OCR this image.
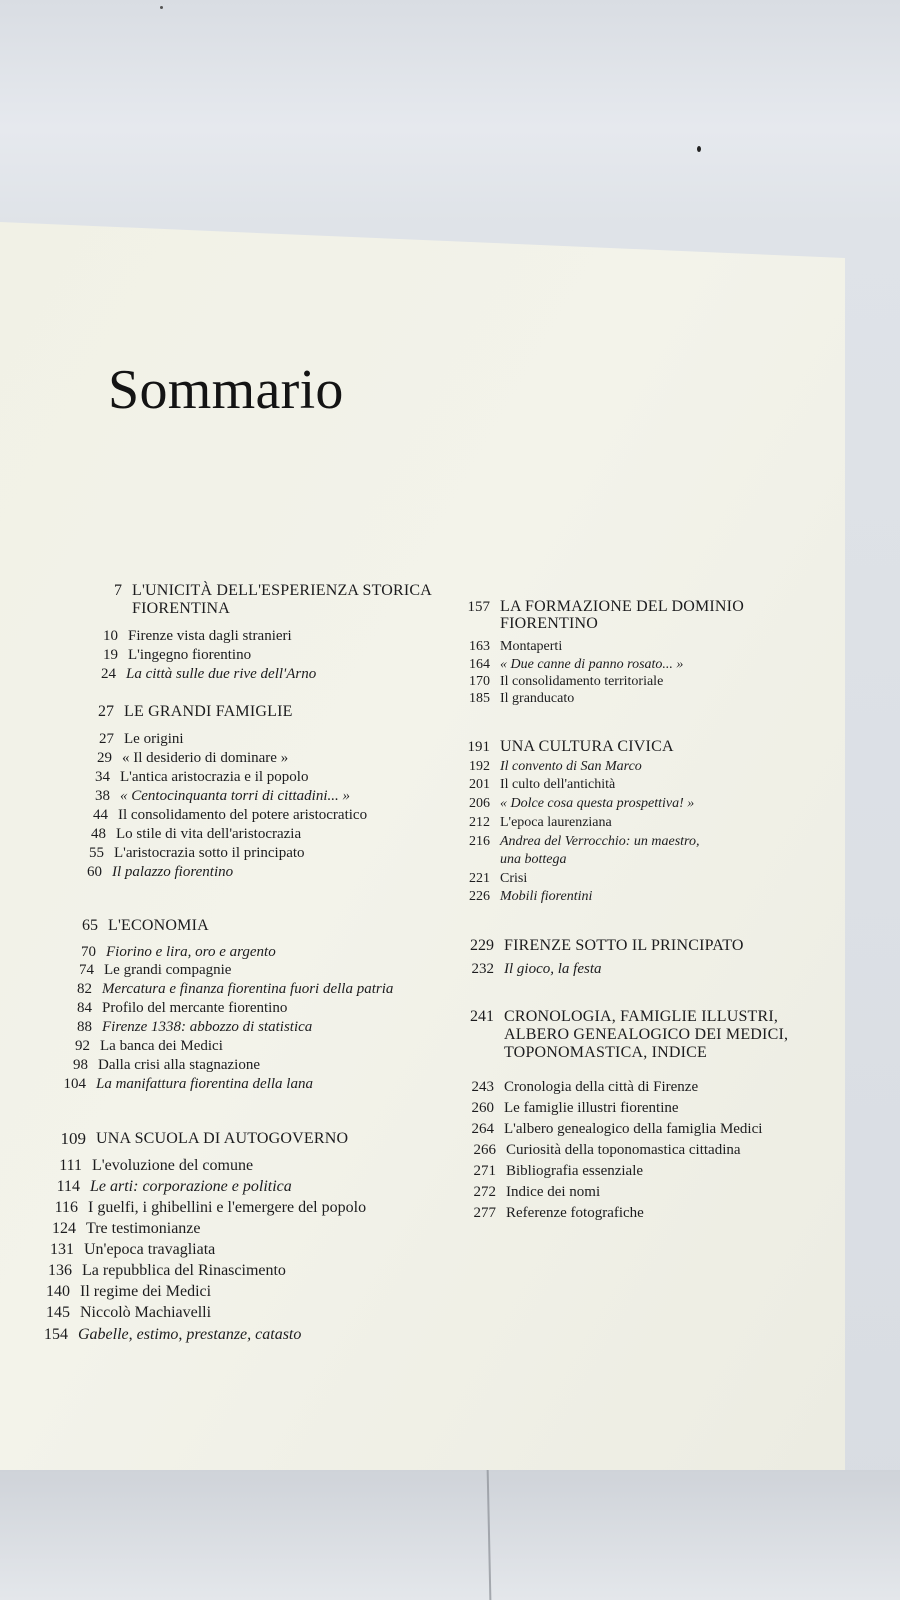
Sommario
7 L'UNICITÀ DELL'ESPERIENZA STORICA
FIORENTINA
10 Firenze vista dagli stranieri
19 L'ingegno fiorentino
24 La città sulle due rive dell'Arno
27 LE GRANDI FAMIGLIE
27 Le origini
29 « Il desiderio di dominare »
34 L'antica aristocrazia e il popolo
38 « Centocinquanta torri di cittadini... »
44 Il consolidamento del potere aristocratico
48 Lo stile di vita dell'aristocrazia
55 L'aristocrazia sotto il principato
60 Il palazzo fiorentino
65 L'ECONOMIA
70 Fiorino e lira, oro e argento
74 Le grandi compagnie
82 Mercatura e finanza fiorentina fuori della patria
84 Profilo del mercante fiorentino
88 Firenze 1338: abbozzo di statistica
92 La banca dei Medici
98 Dalla crisi alla stagnazione
104 La manifattura fiorentina della lana
109 UNA SCUOLA DI AUTOGOVERNO
111 L'evoluzione del comune
114 Le arti: corporazione e politica
116 I guelfi, i ghibellini e l'emergere del popolo
124 Tre testimonianze
131 Un'epoca travagliata
136 La repubblica del Rinascimento
140 Il regime dei Medici
145 Niccolò Machiavelli
154 Gabelle, estimo, prestanze, catasto
157 LA FORMAZIONE DEL DOMINIO
FIORENTINO
163 Montaperti
164 « Due canne di panno rosato... »
170 Il consolidamento territoriale
185 Il granducato
191 UNA CULTURA CIVICA
192 Il convento di San Marco
201 Il culto dell'antichità
206 « Dolce cosa questa prospettiva! »
212 L'epoca laurenziana
216 Andrea del Verrocchio: un maestro,
una bottega
221 Crisi
226 Mobili fiorentini
229 FIRENZE SOTTO IL PRINCIPATO
232 Il gioco, la festa
241 CRONOLOGIA, FAMIGLIE ILLUSTRI,
ALBERO GENEALOGICO DEI MEDICI,
TOPONOMASTICA, INDICE
243 Cronologia della città di Firenze
260 Le famiglie illustri fiorentine
264 L'albero genealogico della famiglia Medici
266 Curiosità della toponomastica cittadina
271 Bibliografia essenziale
272 Indice dei nomi
277 Referenze fotografiche
